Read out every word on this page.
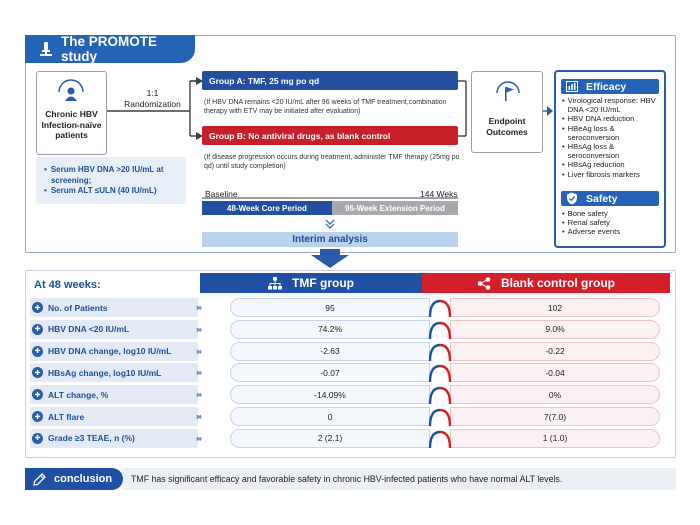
The PROMOTE study
Chronic HBV Infection-naïve patients
• Serum HBV DNA >20 IU/mL at screening;
• Serum ALT ≤ULN (40 IU/mL)
1:1
Randomization
Group A: TMF, 25 mg po qd
(If HBV DNA remains <20 IU/mL after 96 weeks of TMF treatment,combination therapy with ETV may be initiated after evaluation)
Group B: No antiviral drugs, as blank control
(If disease progression occurs during treatment, administer TMF therapy (25mg po qd) until study completion)
Baseline	144 Weks
48-Week Core Period	96-Week Extension Period
Interim analysis
Endpoint Outcomes
Efficacy
• Virological response: HBV DNA <20 IU/mL
• HBV DNA reduction
• HBeAg loss & seroconversion
• HBsAg loss & seroconversion
• HBsAg reduction
• Liver fibrosis markers
Safety
• Bone safety
• Renal safety
• Adverse events
At 48 weeks:	TMF group	Blank control group
✚ No. of Patients	›››	95	102
✚ HBV DNA <20 IU/mL	›››	74.2%	9.0%
✚ HBV DNA change, log10 IU/mL	›››	-2.63	-0.22
✚ HBsAg change, log10 IU/mL	›››	-0.07	-0.04
✚ ALT change, %	›››	-14.09%	0%
✚ ALT flare	›››	0	7(7.0)
✚ Grade ≥3 TEAE, n (%)	›››	2 (2.1)	1 (1.0)
conclusion	TMF has significant efficacy and favorable safety in chronic HBV-infected patients who have normal ALT levels.
